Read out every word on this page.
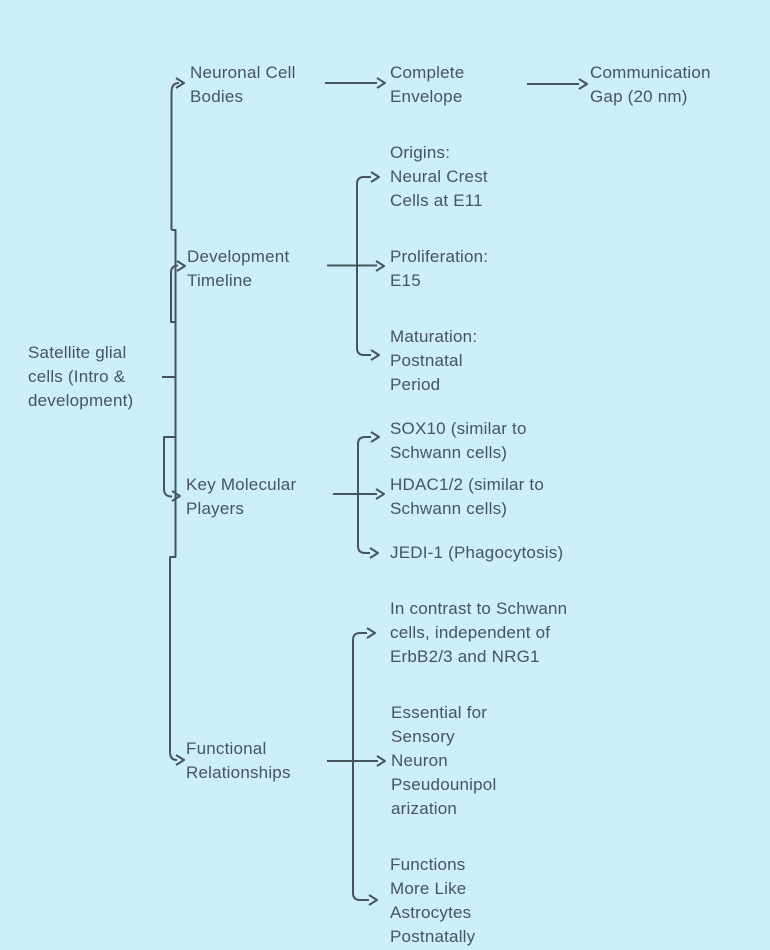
Satellite glial
cells (Intro &
development)
Neuronal Cell
Bodies
Complete
Envelope
Communication
Gap (20 nm)
Development
Timeline
Key Molecular
Players
Functional
Relationships
Origins:
Neural Crest
Cells at E11
Proliferation:
E15
Maturation:
Postnatal
Period
SOX10 (similar to
Schwann cells)
HDAC1/2 (similar to
Schwann cells)
JEDI-1 (Phagocytosis)
In contrast to Schwann
cells, independent of
ErbB2/3 and NRG1
Essential for
Sensory
Neuron
Pseudounipol
arization
Functions
More Like
Astrocytes
Postnatally
